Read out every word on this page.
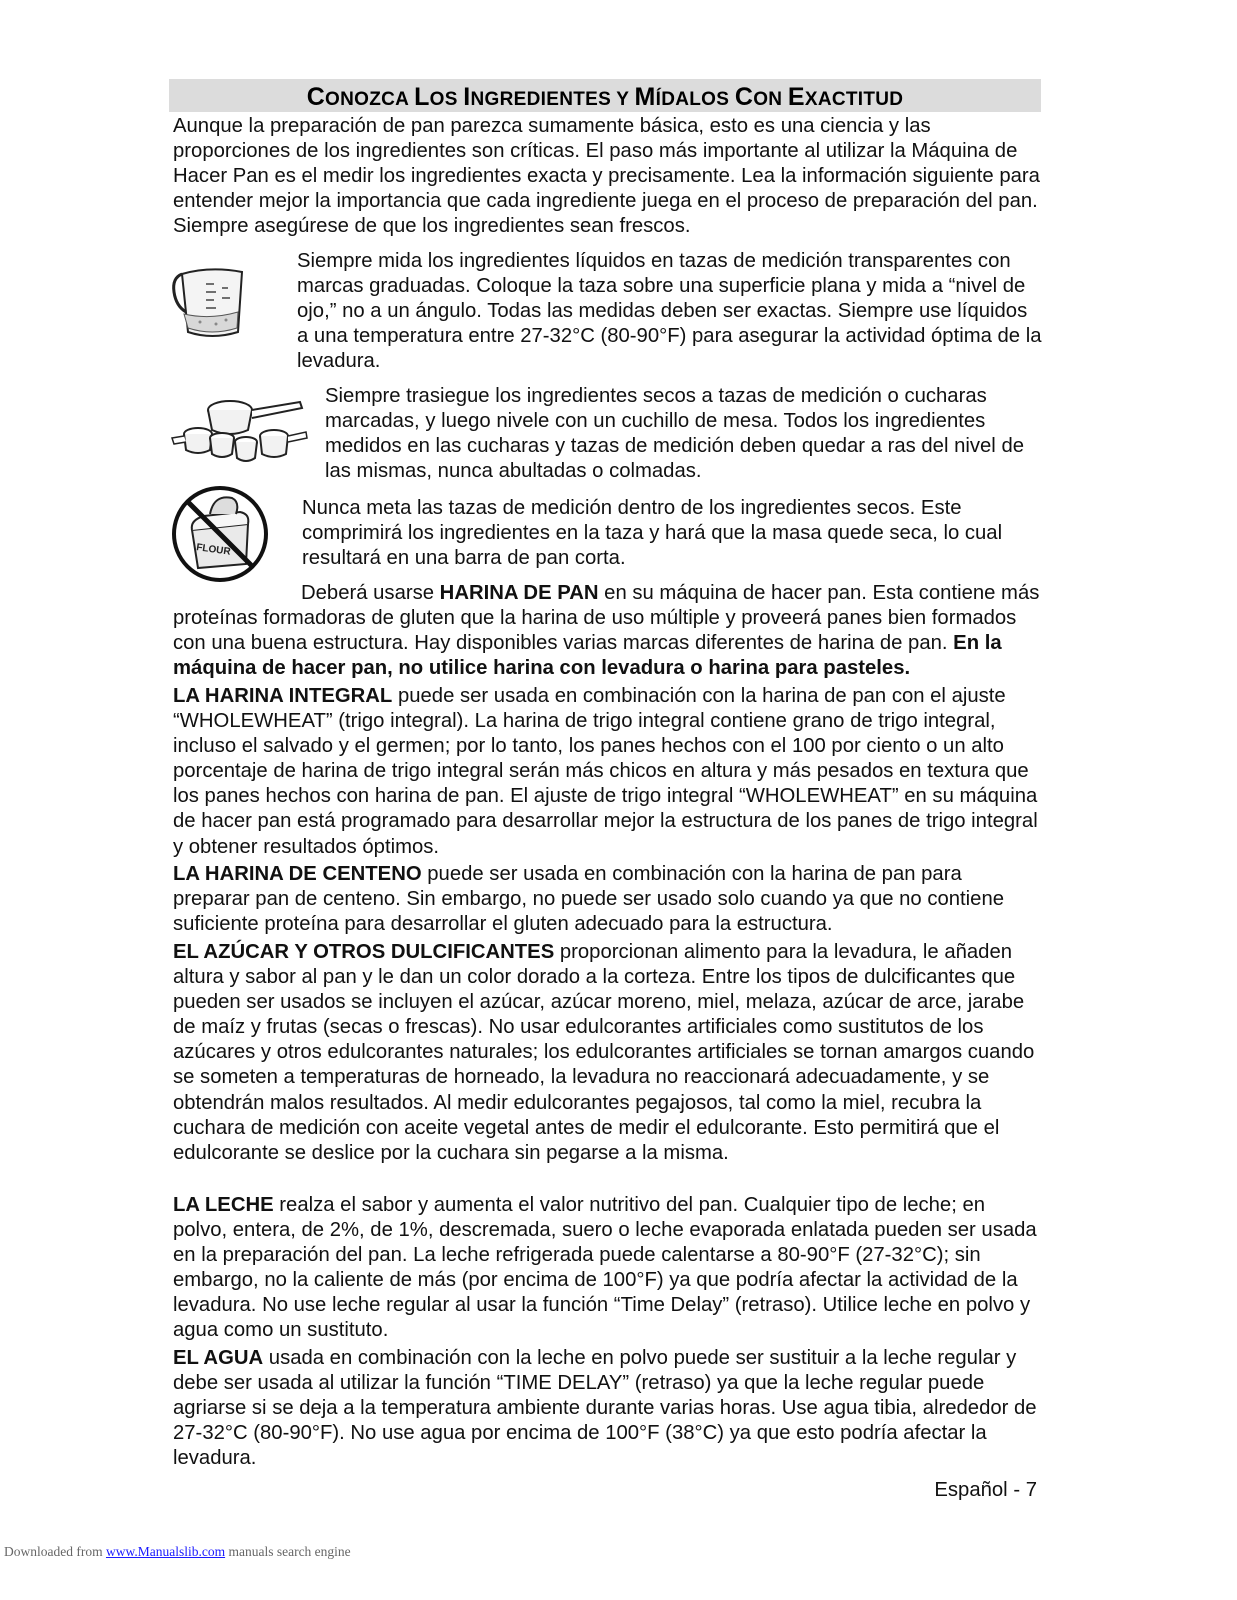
CONOZCA LOS INGREDIENTES Y MÍDALOS CON EXACTITUD
Aunque la preparación de pan parezca sumamente básica, esto es una ciencia y las proporciones de los ingredientes son críticas. El paso más importante al utilizar la Máquina de Hacer Pan es el medir los ingredientes exacta y precisamente. Lea la información siguiente para entender mejor la importancia que cada ingrediente juega en el proceso de preparación del pan. Siempre asegúrese de que los ingredientes sean frescos.
Siempre mida los ingredientes líquidos en tazas de medición transparentes con marcas graduadas. Coloque la taza sobre una superficie plana y mida a “nivel de ojo,” no a un ángulo. Todas las medidas deben ser exactas. Siempre use líquidos a una temperatura entre 27-32°C (80-90°F) para asegurar la actividad óptima de la levadura.
Siempre trasiegue los ingredientes secos a tazas de medición o cucharas marcadas, y luego nivele con un cuchillo de mesa. Todos los ingredientes medidos en las cucharas y tazas de medición deben quedar a ras del nivel de las mismas, nunca abultadas o colmadas.
FLOUR
Nunca meta las tazas de medición dentro de los ingredientes secos. Este comprimirá los ingredientes en la taza y hará que la masa quede seca, lo cual resultará en una barra de pan corta.
Deberá usarse HARINA DE PAN en su máquina de hacer pan. Esta contiene más proteínas formadoras de gluten que la harina de uso múltiple y proveerá panes bien formados con una buena estructura. Hay disponibles varias marcas diferentes de harina de pan. En la máquina de hacer pan, no utilice harina con levadura o harina para pasteles.
LA HARINA INTEGRAL puede ser usada en combinación con la harina de pan con el ajuste “WHOLEWHEAT” (trigo integral). La harina de trigo integral contiene grano de trigo integral, incluso el salvado y el germen; por lo tanto, los panes hechos con el 100 por ciento o un alto porcentaje de harina de trigo integral serán más chicos en altura y más pesados en textura que los panes hechos con harina de pan. El ajuste de trigo integral “WHOLEWHEAT” en su máquina de hacer pan está programado para desarrollar mejor la estructura de los panes de trigo integral y obtener resultados óptimos.
LA HARINA DE CENTENO puede ser usada en combinación con la harina de pan para preparar pan de centeno. Sin embargo, no puede ser usado solo cuando ya que no contiene suficiente proteína para desarrollar el gluten adecuado para la estructura.
EL AZÚCAR Y OTROS DULCIFICANTES proporcionan alimento para la levadura, le añaden altura y sabor al pan y le dan un color dorado a la corteza. Entre los tipos de dulcificantes que pueden ser usados se incluyen el azúcar, azúcar moreno, miel, melaza, azúcar de arce, jarabe de maíz y frutas (secas o frescas). No usar edulcorantes artificiales como sustitutos de los azúcares y otros edulcorantes naturales; los edulcorantes artificiales se tornan amargos cuando se someten a temperaturas de horneado, la levadura no reaccionará adecuadamente, y se obtendrán malos resultados. Al medir edulcorantes pegajosos, tal como la miel, recubra la cuchara de medición con aceite vegetal antes de medir el edulcorante. Esto permitirá que el edulcorante se deslice por la cuchara sin pegarse a la misma.
LA LECHE realza el sabor y aumenta el valor nutritivo del pan. Cualquier tipo de leche; en polvo, entera, de 2%, de 1%, descremada, suero o leche evaporada enlatada pueden ser usada en la preparación del pan. La leche refrigerada puede calentarse a 80-90°F (27-32°C); sin embargo, no la caliente de más (por encima de 100°F) ya que podría afectar la actividad de la levadura. No use leche regular al usar la función “Time Delay” (retraso). Utilice leche en polvo y agua como un sustituto.
EL AGUA usada en combinación con la leche en polvo puede ser sustituir a la leche regular y debe ser usada al utilizar la función “TIME DELAY” (retraso) ya que la leche regular puede agriarse si se deja a la temperatura ambiente durante varias horas. Use agua tibia, alrededor de 27-32°C (80-90°F). No use agua por encima de 100°F (38°C) ya que esto podría afectar la levadura.
Español - 7
Downloaded from www.Manualslib.com manuals search engine
